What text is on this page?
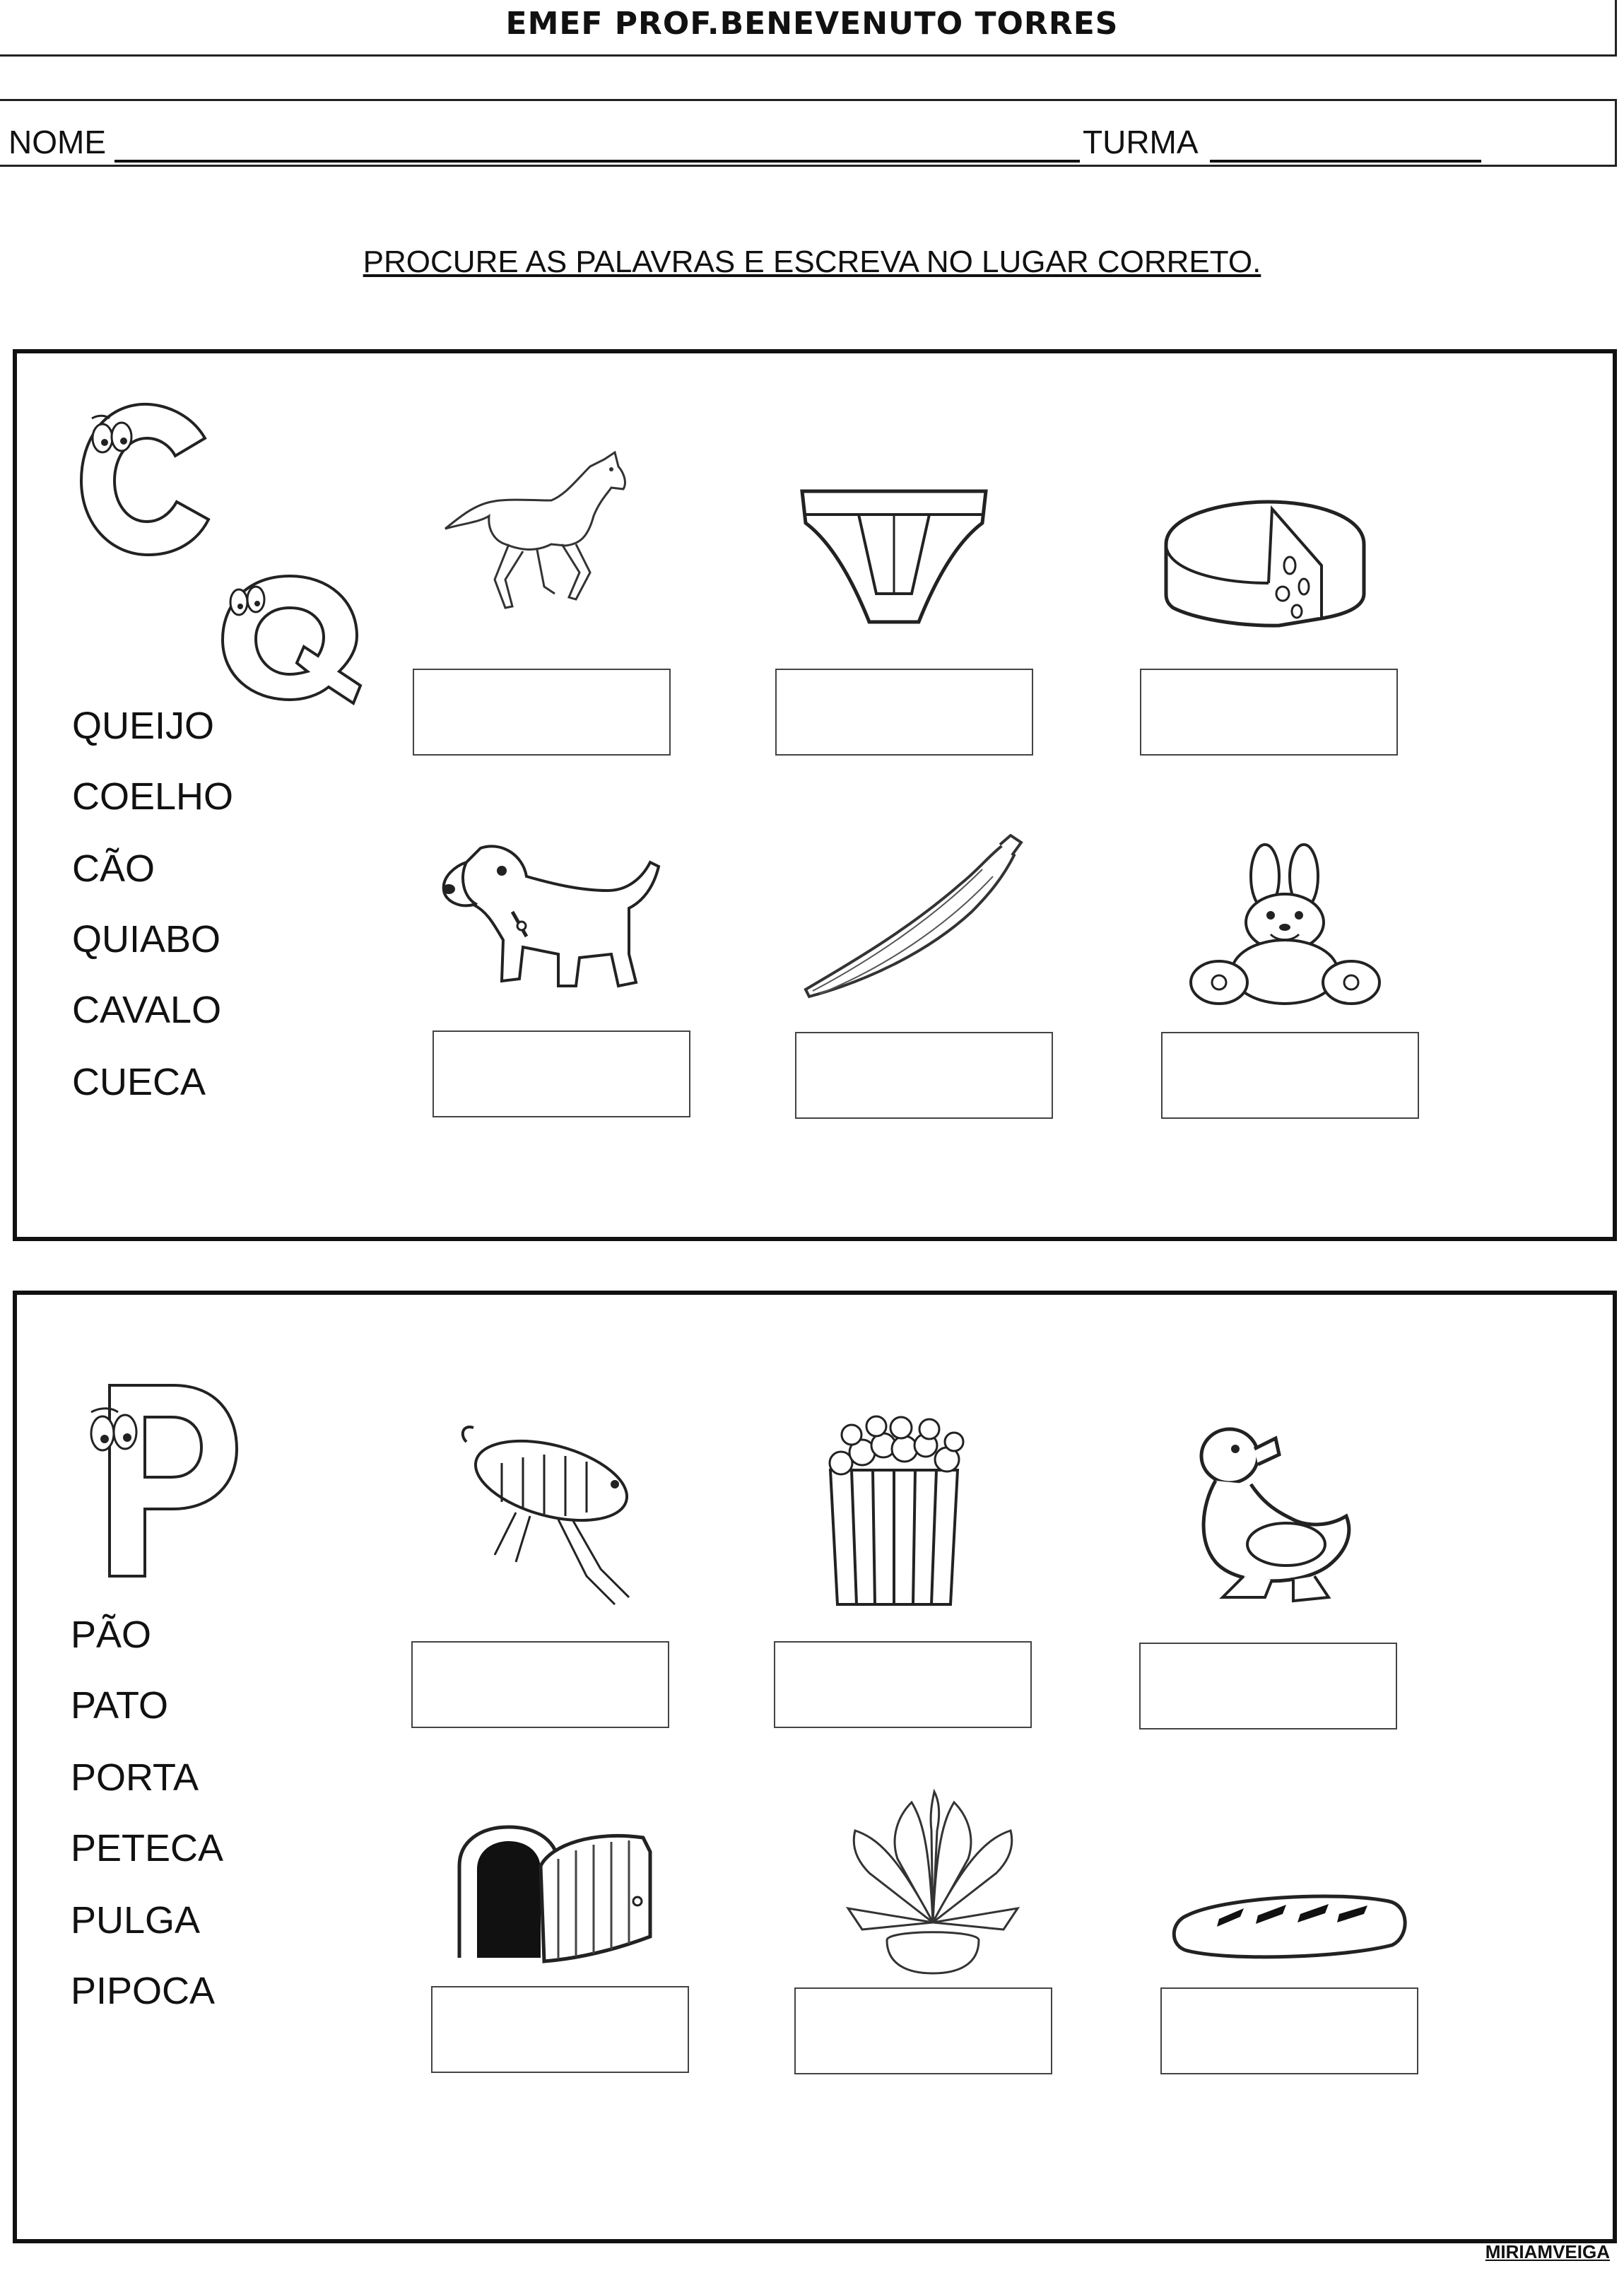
EMEF PROF.BENEVENUTO TORRES
NOME	TURMA
PROCURE AS PALAVRAS E ESCREVA NO LUGAR CORRETO.
QUEIJO
COELHO
CÃO
QUIABO
CAVALO
CUECA
PÃO
PATO
PORTA
PETECA
PULGA
PIPOCA
MIRIAMVEIGA
